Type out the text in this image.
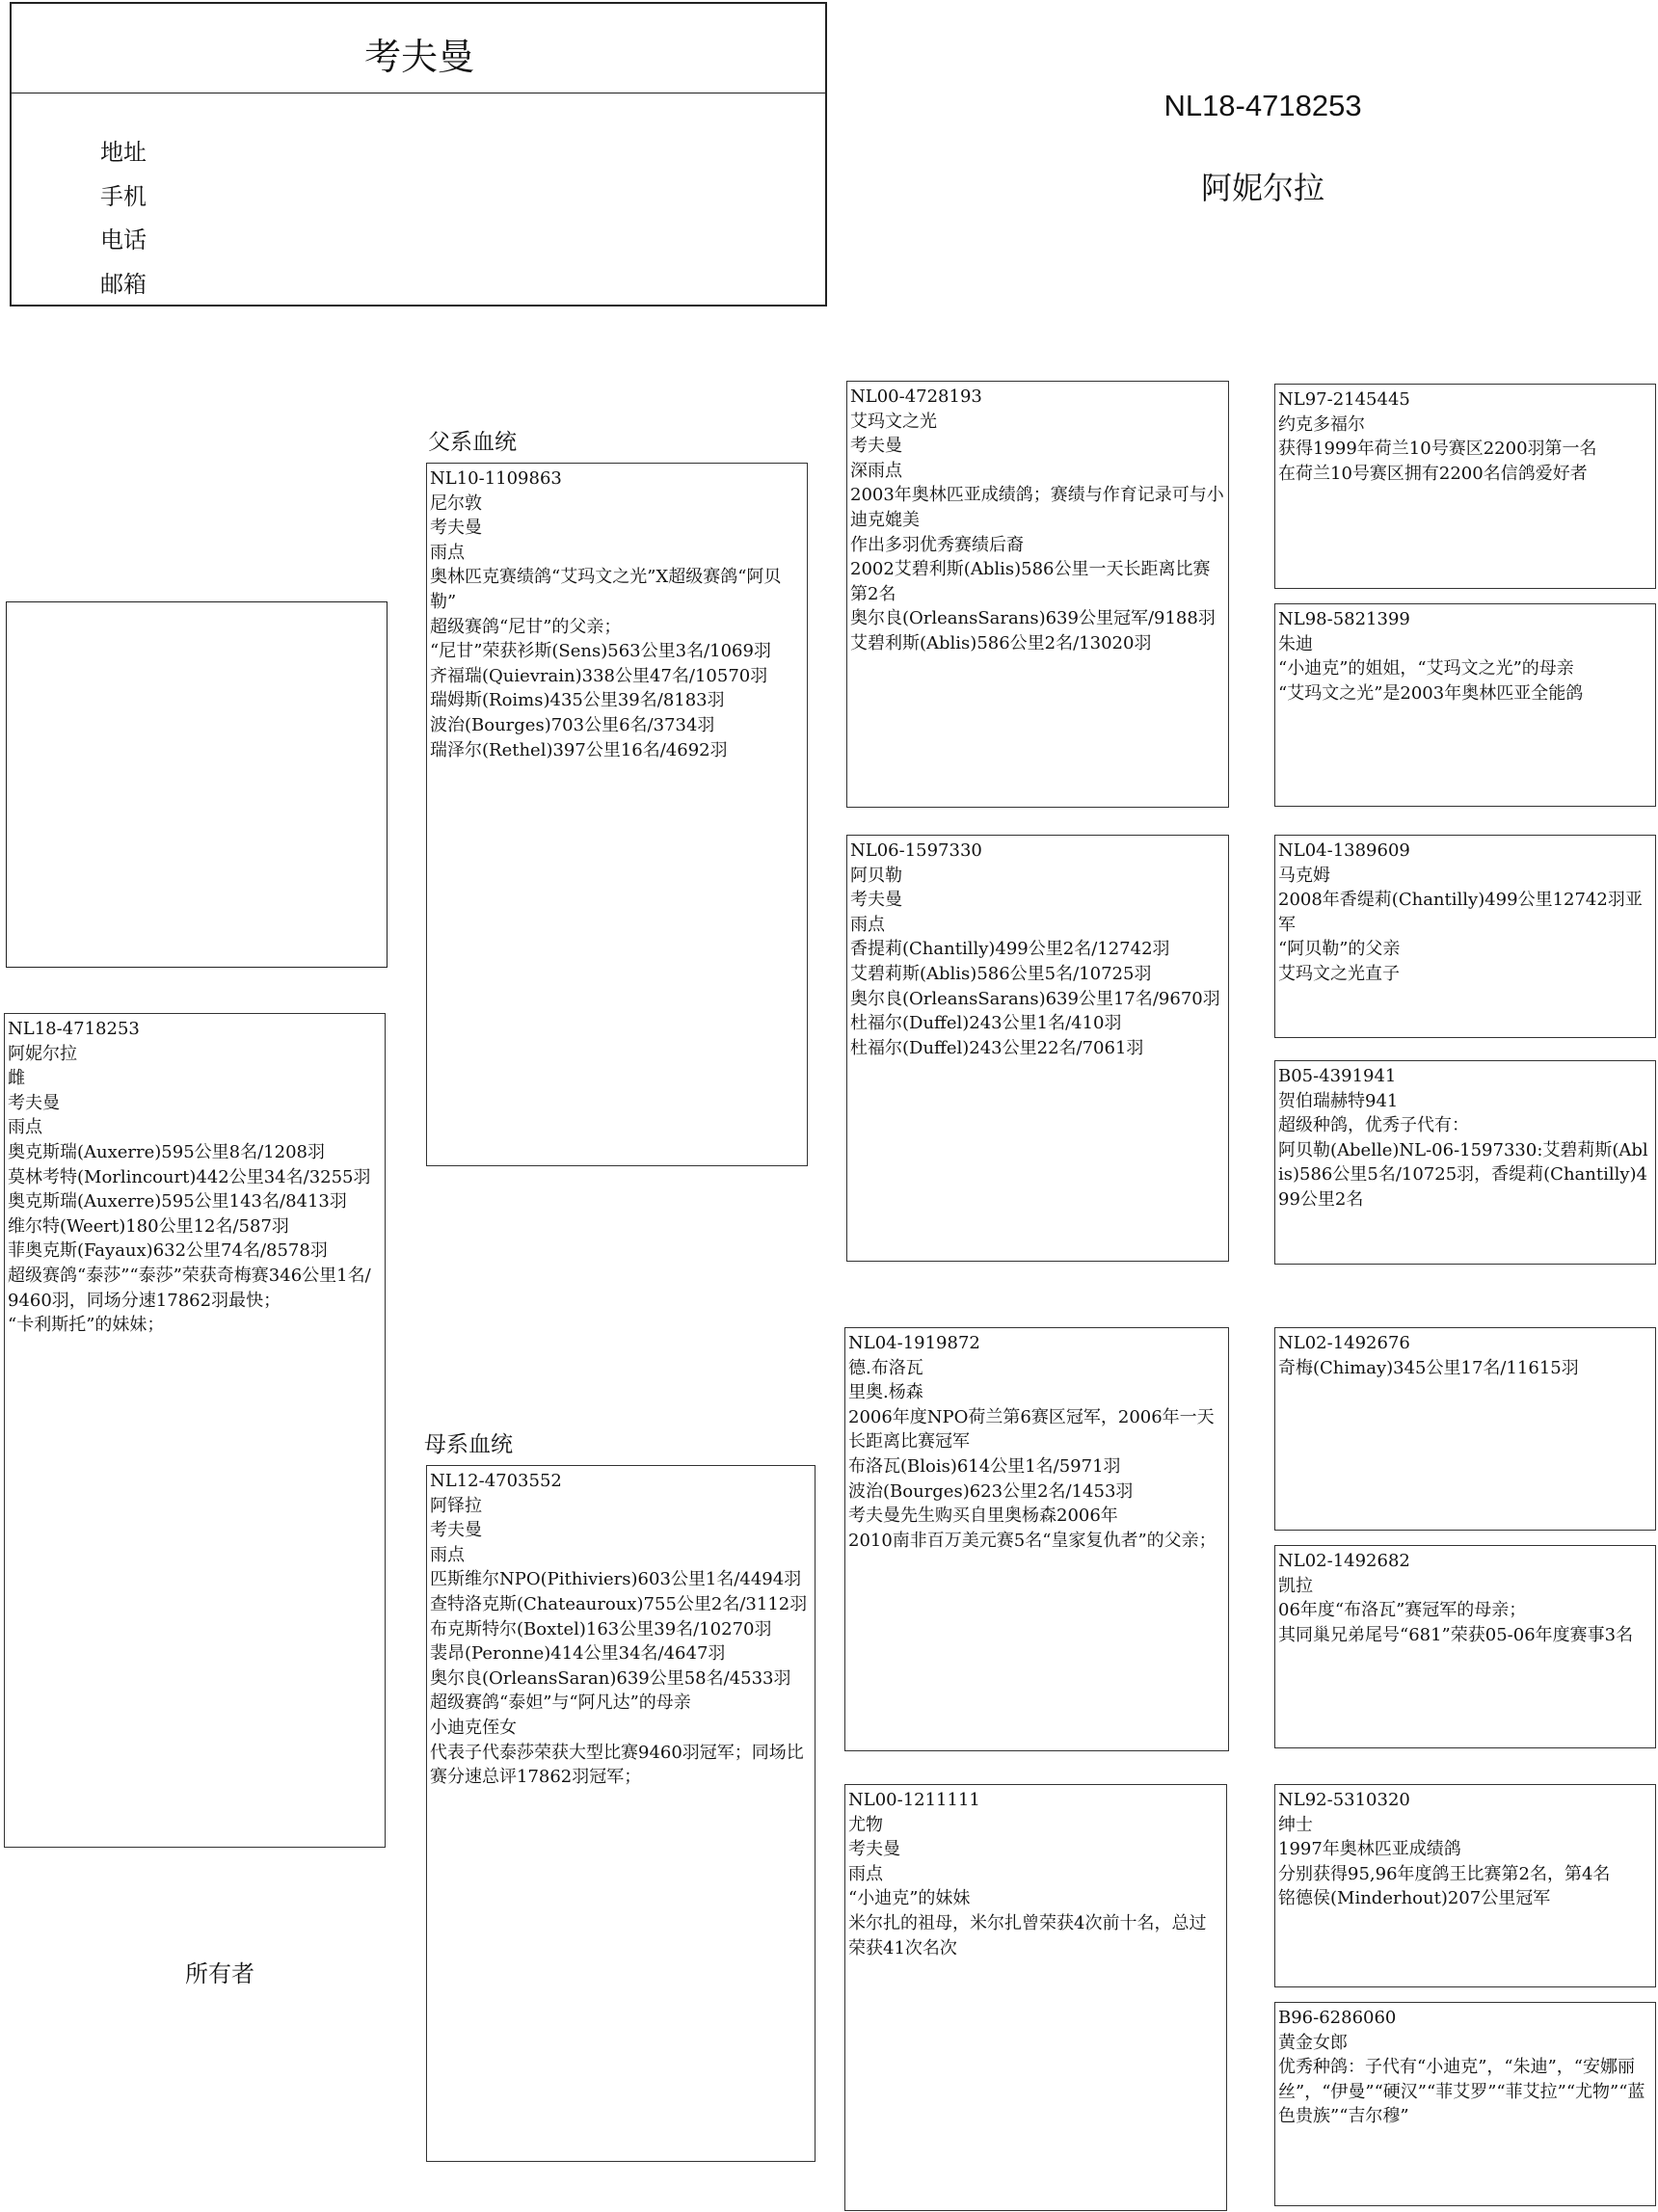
考夫曼
地址
手机
电话
邮箱
NL18-4718253
阿妮尔拉
父系血统
母系血统
所有者
NL18-4718253
阿妮尔拉
雌
考夫曼
雨点
奥克斯瑞(Auxerre)595公里8名/1208羽
莫林考特(Morlincourt)442公里34名/3255羽
奥克斯瑞(Auxerre)595公里143名/8413羽
维尔特(Weert)180公里12名/587羽
菲奥克斯(Fayaux)632公里74名/8578羽
超级赛鸽“泰莎”“泰莎”荣获奇梅赛346公里1名/9460羽，同场分速17862羽最快；
“卡利斯托”的妹妹；
NL10-1109863
尼尔敦
考夫曼
雨点
奥林匹克赛绩鸽“艾玛文之光”X超级赛鸽“阿贝勒”
超级赛鸽“尼甘”的父亲；
“尼甘”荣获衫斯(Sens)563公里3名/1069羽
齐福瑞(Quievrain)338公里47名/10570羽
瑞姆斯(Roims)435公里39名/8183羽
波治(Bourges)703公里6名/3734羽
瑞泽尔(Rethel)397公里16名/4692羽
NL12-4703552
阿铎拉
考夫曼
雨点
匹斯维尔NPO(Pithiviers)603公里1名/4494羽
查特洛克斯(Chateauroux)755公里2名/3112羽
布克斯特尔(Boxtel)163公里39名/10270羽
裴昂(Peronne)414公里34名/4647羽
奥尔良(OrleansSaran)639公里58名/4533羽
超级赛鸽“泰妲”与“阿凡达”的母亲
小迪克侄女
代表子代泰莎荣获大型比赛9460羽冠军；同场比赛分速总评17862羽冠军；
NL00-4728193
艾玛文之光
考夫曼
深雨点
2003年奥林匹亚成绩鸽；赛绩与作育记录可与小迪克媲美
作出多羽优秀赛绩后裔
2002艾碧利斯(Ablis)586公里一天长距离比赛第2名
奥尔良(OrleansSarans)639公里冠军/9188羽
艾碧利斯(Ablis)586公里2名/13020羽
NL06-1597330
阿贝勒
考夫曼
雨点
香提莉(Chantilly)499公里2名/12742羽
艾碧莉斯(Ablis)586公里5名/10725羽
奥尔良(OrleansSarans)639公里17名/9670羽
杜福尔(Duffel)243公里1名/410羽
杜福尔(Duffel)243公里22名/7061羽
NL04-1919872
德.布洛瓦
里奥.杨森
2006年度NPO荷兰第6赛区冠军，2006年一天长距离比赛冠军
布洛瓦(Blois)614公里1名/5971羽
波治(Bourges)623公里2名/1453羽
考夫曼先生购买自里奥杨森2006年
2010南非百万美元赛5名“皇家复仇者”的父亲；
NL00-1211111
尤物
考夫曼
雨点
“小迪克”的妹妹
米尔扎的祖母，米尔扎曾荣获4次前十名，总过荣获41次名次
NL97-2145445
约克多福尔
获得1999年荷兰10号赛区2200羽第一名
在荷兰10号赛区拥有2200名信鸽爱好者
NL98-5821399
朱迪
“小迪克”的姐姐，“艾玛文之光”的母亲
“艾玛文之光”是2003年奥林匹亚全能鸽
NL04-1389609
马克姆
2008年香缇莉(Chantilly)499公里12742羽亚军
“阿贝勒”的父亲
艾玛文之光直子
B05-4391941
贺伯瑞赫特941
超级种鸽，优秀子代有：
阿贝勒(Abelle)NL-06-1597330:艾碧莉斯(Ablis)586公里5名/10725羽，香缇莉(Chantilly)499公里2名
NL02-1492676
奇梅(Chimay)345公里17名/11615羽
NL02-1492682
凯拉
06年度“布洛瓦”赛冠军的母亲；
其同巢兄弟尾号“681”荣获05-06年度赛事3名
NL92-5310320
绅士
1997年奥林匹亚成绩鸽
分别获得95,96年度鸽王比赛第2名，第4名
铭德侯(Minderhout)207公里冠军
B96-6286060
黄金女郎
优秀种鸽：子代有“小迪克”，“朱迪”，“安娜丽丝”，“伊曼”“硬汉”“菲艾罗”“菲艾拉”“尤物”“蓝色贵族”“吉尔穆”
